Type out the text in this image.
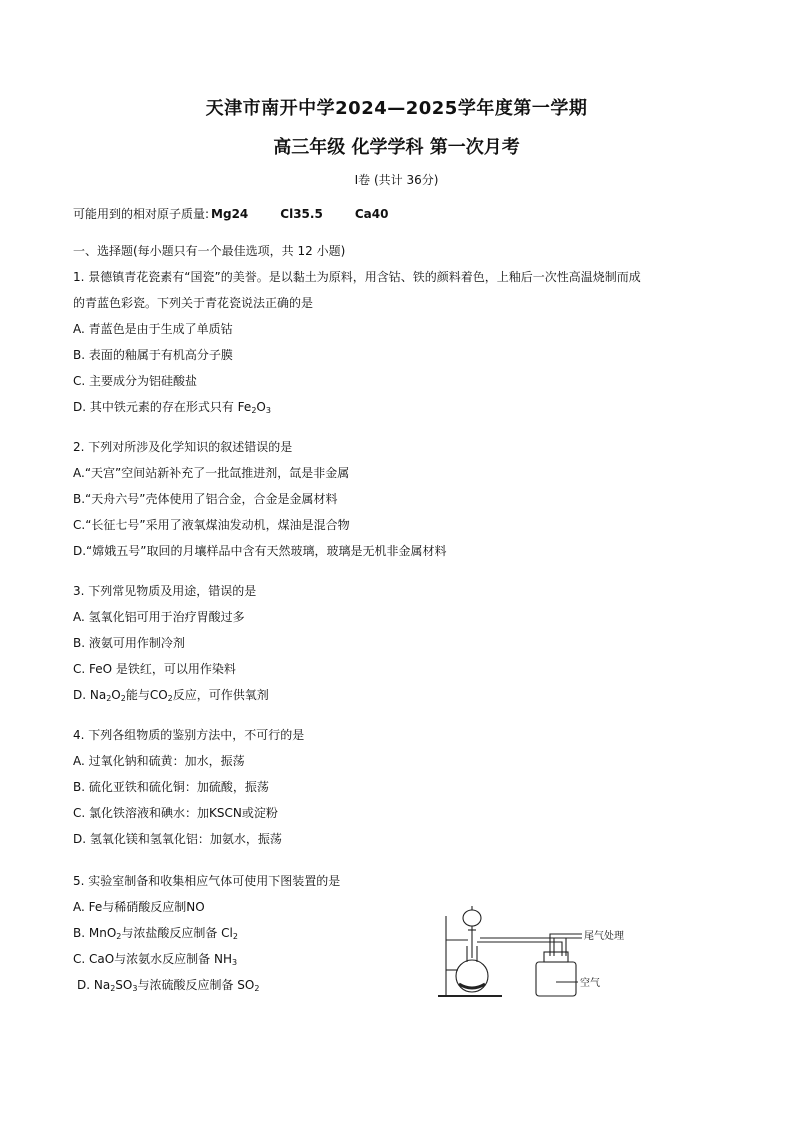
天津市南开中学2024—2025学年度第一学期
高三年级 化学学科 第一次月考
I卷 (共计 36分)
可能用到的相对原子质量: Mg24	Cl35.5	Ca40
一、选择题(每小题只有一个最佳选项，共 12 小题)
1. 景德镇青花瓷素有“国瓷”的美誉。是以黏土为原料，用含钴、铁的颜料着色，上釉后一次性高温烧制而成
的青蓝色彩瓷。下列关于青花瓷说法正确的是
A. 青蓝色是由于生成了单质钴
B. 表面的釉属于有机高分子膜
C. 主要成分为铝硅酸盐
D. 其中铁元素的存在形式只有 $Fe_2O_3$
2. 下列对所涉及化学知识的叙述错误的是
A.“天宫”空间站新补充了一批氙推进剂，氙是非金属
B.“天舟六号”壳体使用了铝合金，合金是金属材料
C.“长征七号”采用了液氧煤油发动机，煤油是混合物
D.“嫦娥五号”取回的月壤样品中含有天然玻璃，玻璃是无机非金属材料
3. 下列常见物质及用途，错误的是
A. 氢氧化铝可用于治疗胃酸过多
B. 液氨可用作制冷剂
C. FeO 是铁红，可以用作染料
D. $Na_2O_2$能与$CO_2$反应，可作供氧剂
4. 下列各组物质的鉴别方法中，不可行的是
A. 过氧化钠和硫黄：加水，振荡
B. 硫化亚铁和硫化铜：加硫酸，振荡
C. 氯化铁溶液和碘水：加KSCN或淀粉
D. 氢氧化镁和氢氧化铝：加氨水，振荡
5. 实验室制备和收集相应气体可使用下图装置的是
A. Fe与稀硝酸反应制NO
B. MnO$_2$与浓盐酸反应制备 $Cl_2$
C. CaO与浓氨水反应制备 $NH_3$
D. $Na_2SO_3$与浓硫酸反应制备 $SO_2$
尾气处理
空气
